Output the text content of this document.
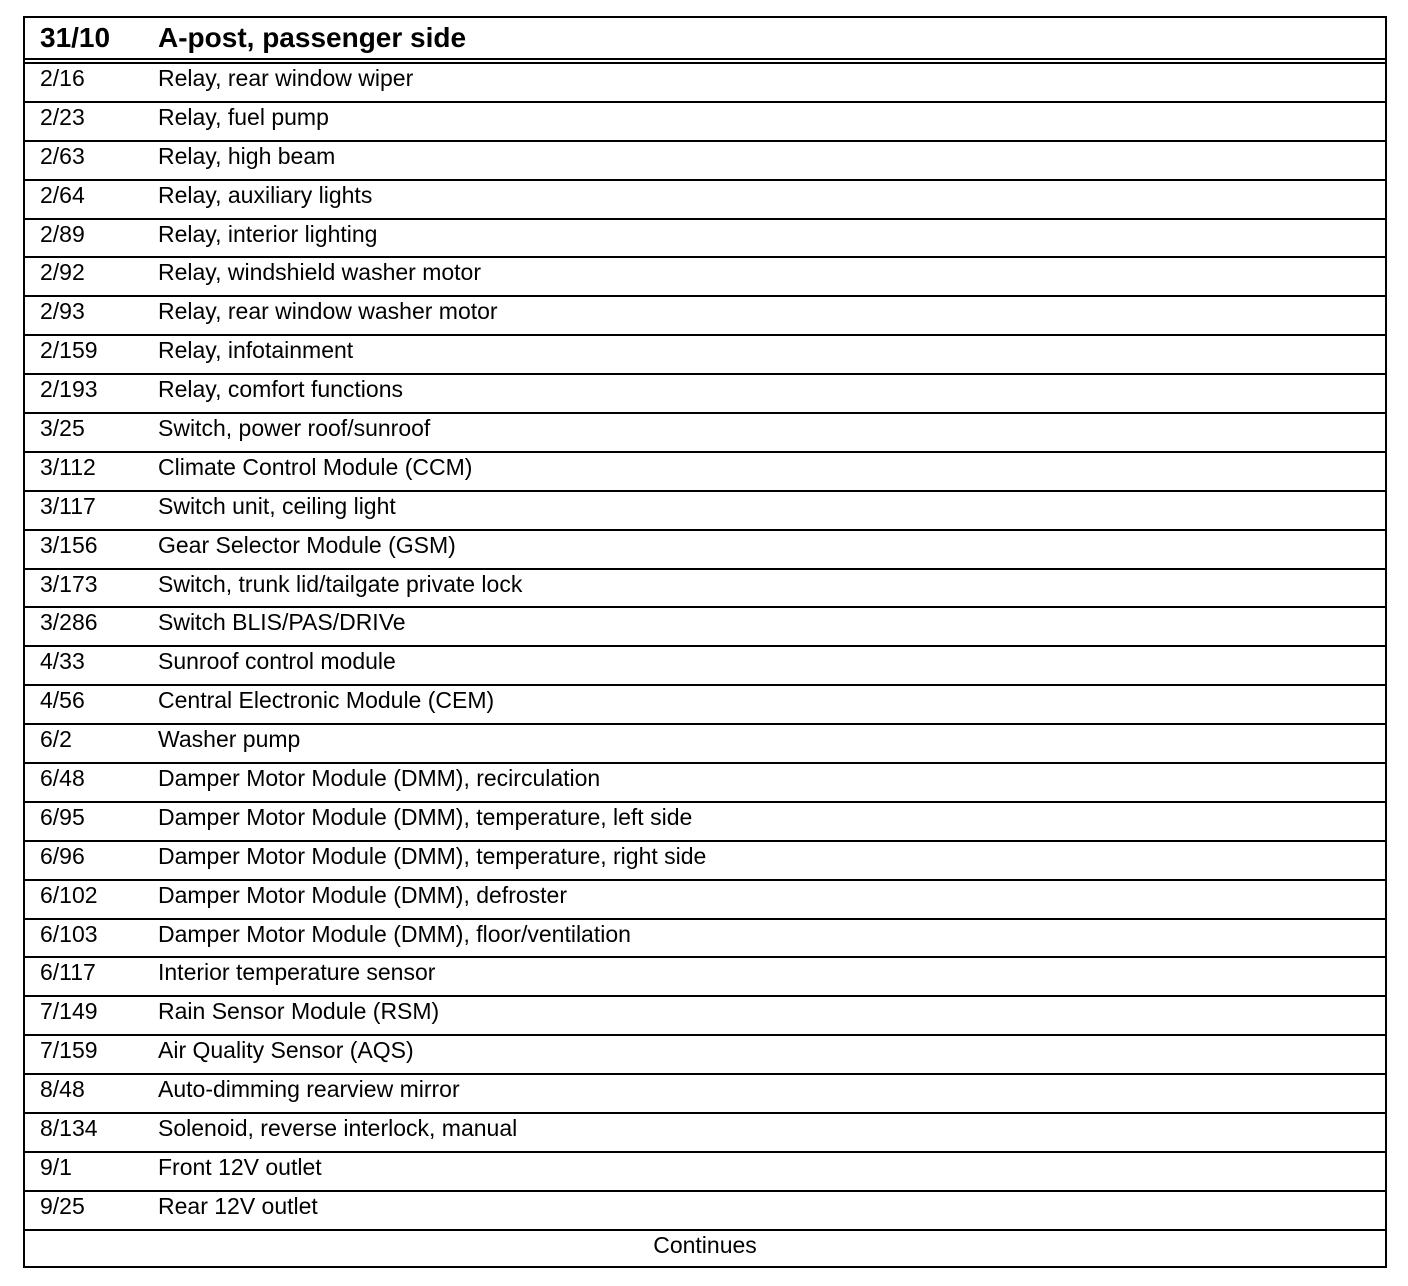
31/10 A-post, passenger side
2/16	Relay, rear window wiper
2/23	Relay, fuel pump
2/63	Relay, high beam
2/64	Relay, auxiliary lights
2/89	Relay, interior lighting
2/92	Relay, windshield washer motor
2/93	Relay, rear window washer motor
2/159	Relay, infotainment
2/193	Relay, comfort functions
3/25	Switch, power roof/sunroof
3/112	Climate Control Module (CCM)
3/117	Switch unit, ceiling light
3/156	Gear Selector Module (GSM)
3/173	Switch, trunk lid/tailgate private lock
3/286	Switch BLIS/PAS/DRIVe
4/33	Sunroof control module
4/56	Central Electronic Module (CEM)
6/2	Washer pump
6/48	Damper Motor Module (DMM), recirculation
6/95	Damper Motor Module (DMM), temperature, left side
6/96	Damper Motor Module (DMM), temperature, right side
6/102	Damper Motor Module (DMM), defroster
6/103	Damper Motor Module (DMM), floor/ventilation
6/117	Interior temperature sensor
7/149	Rain Sensor Module (RSM)
7/159	Air Quality Sensor (AQS)
8/48	Auto-dimming rearview mirror
8/134	Solenoid, reverse interlock, manual
9/1	Front 12V outlet
9/25	Rear 12V outlet
Continues
